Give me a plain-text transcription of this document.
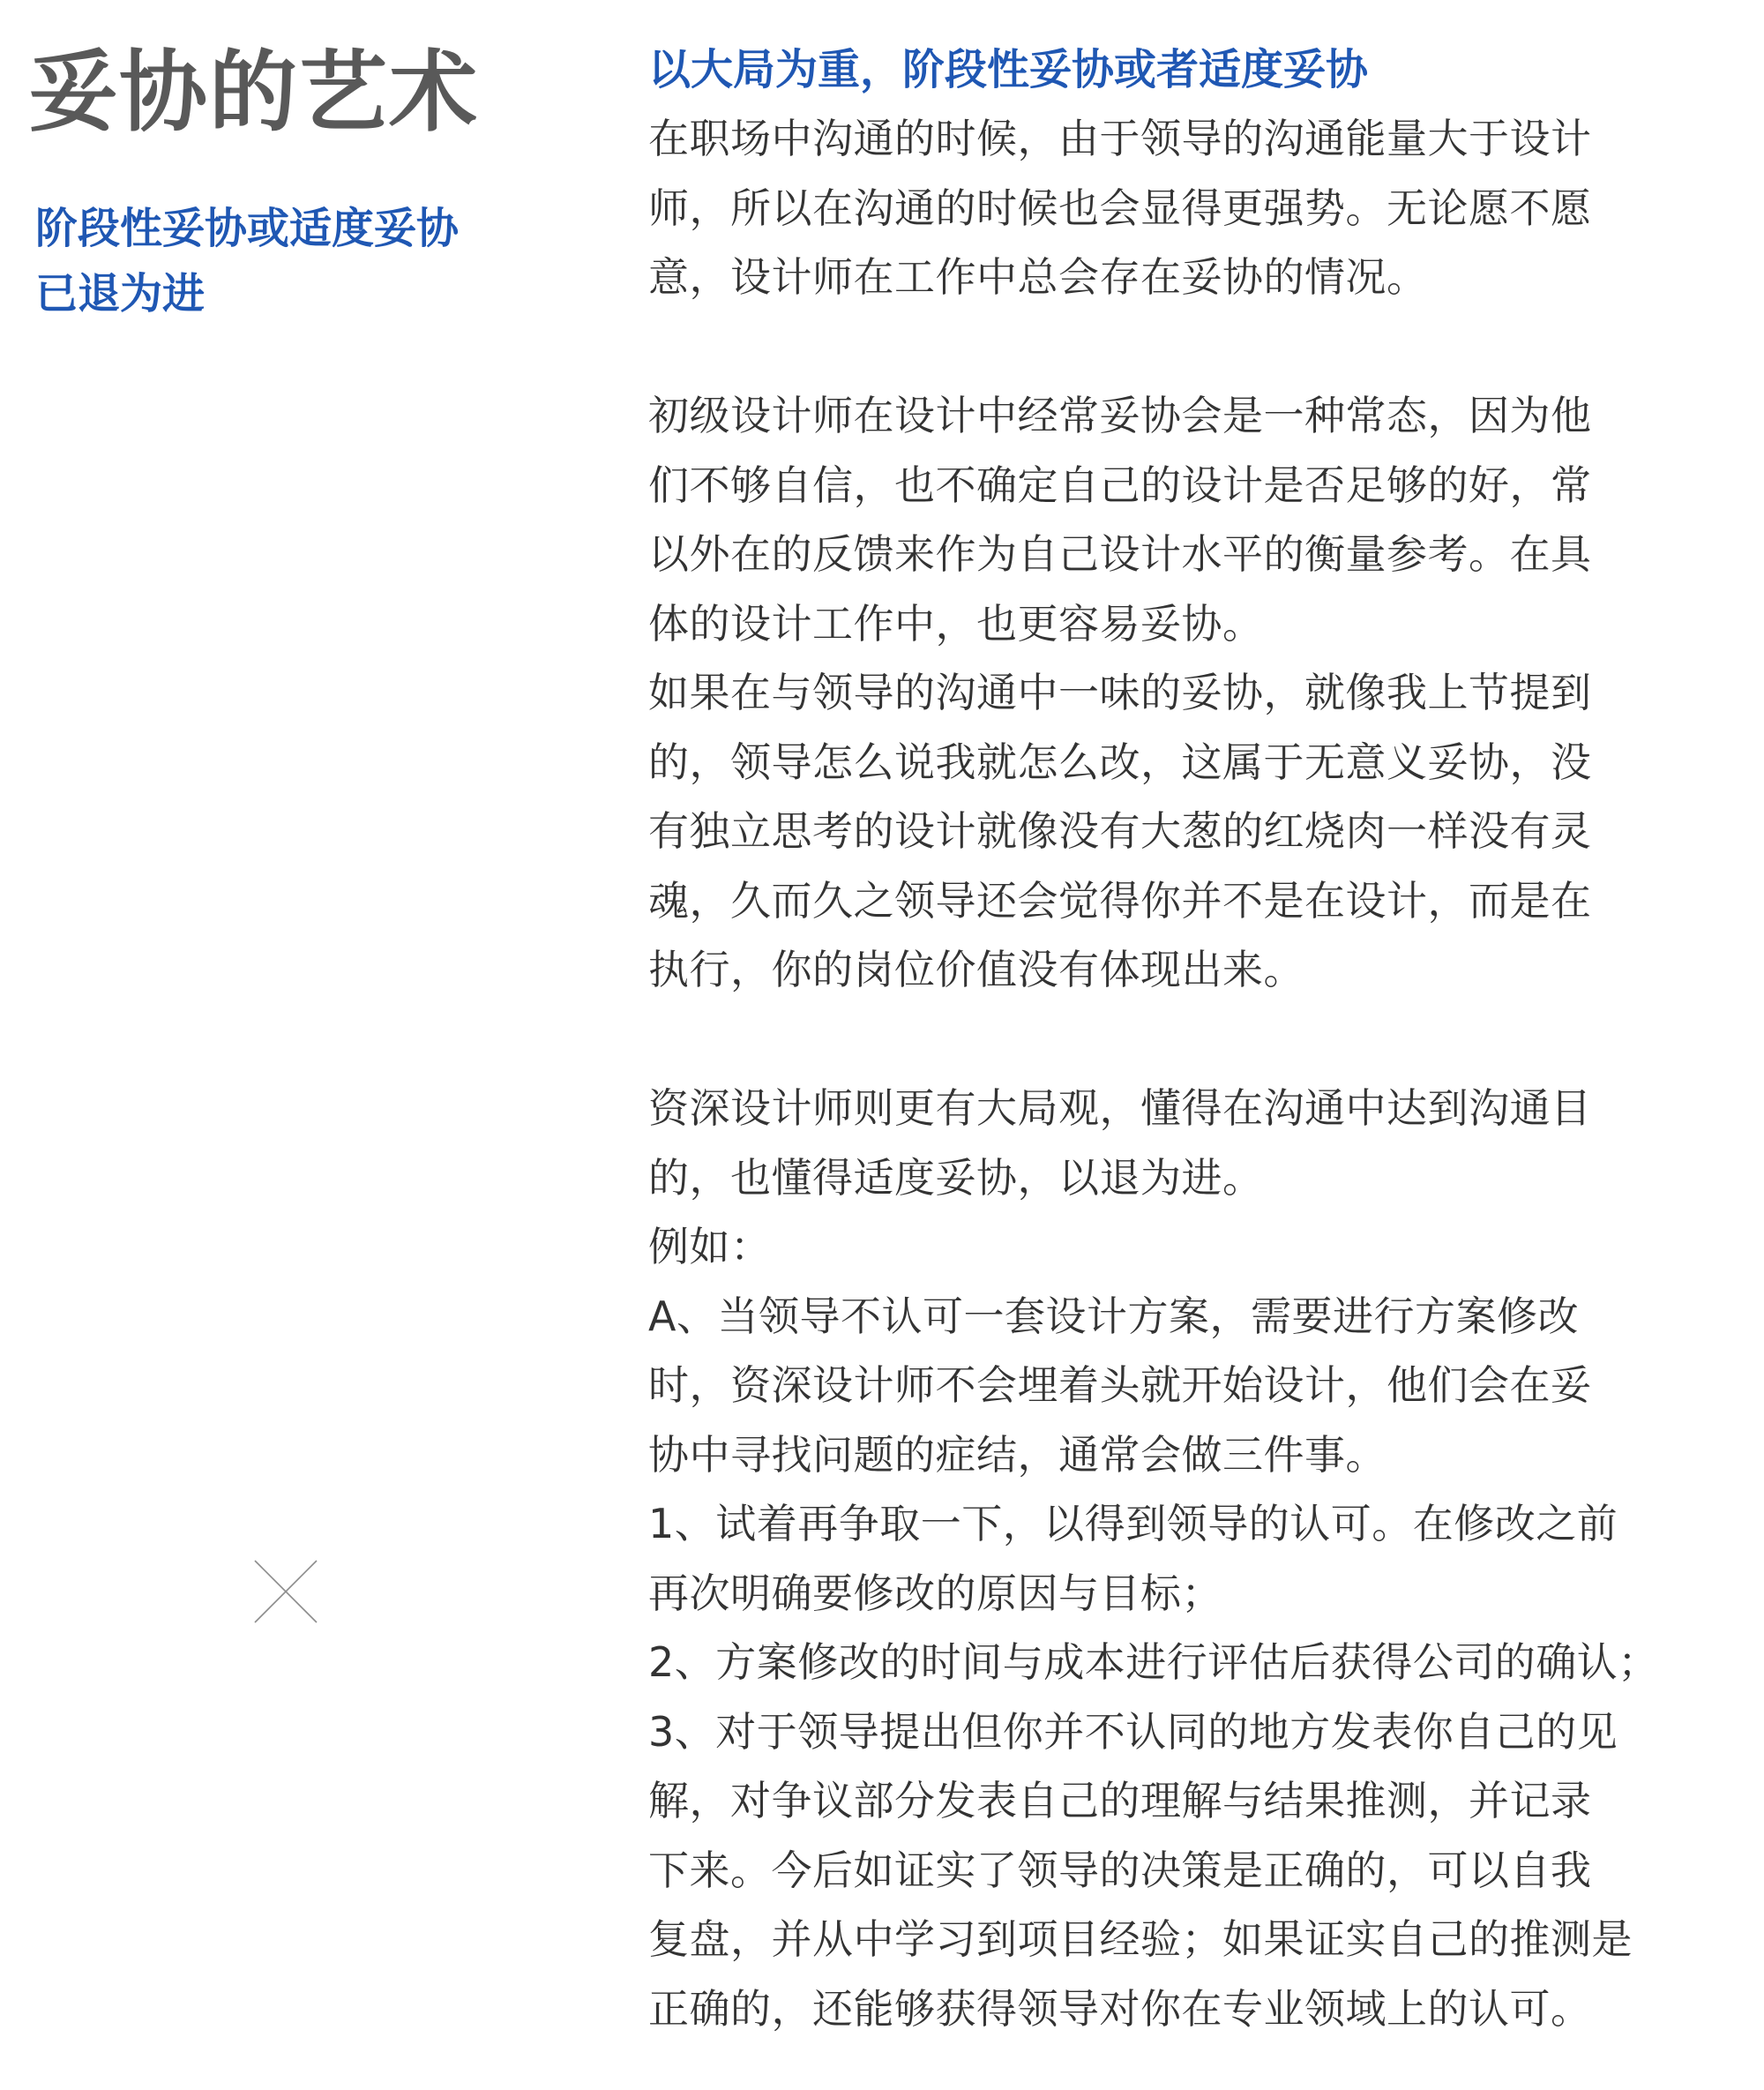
妥协的艺术
阶段性妥协或适度妥协
已退为进
以大局为重，阶段性妥协或者适度妥协
在职场中沟通的时候，由于领导的沟通能量大于设计
师，所以在沟通的时候也会显得更强势。无论愿不愿
意，设计师在工作中总会存在妥协的情况。
初级设计师在设计中经常妥协会是一种常态，因为他
们不够自信，也不确定自己的设计是否足够的好，常
以外在的反馈来作为自己设计水平的衡量参考。在具
体的设计工作中，也更容易妥协。
如果在与领导的沟通中一味的妥协，就像我上节提到
的，领导怎么说我就怎么改，这属于无意义妥协，没
有独立思考的设计就像没有大葱的红烧肉一样没有灵
魂，久而久之领导还会觉得你并不是在设计，而是在
执行，你的岗位价值没有体现出来。
资深设计师则更有大局观，懂得在沟通中达到沟通目
的，也懂得适度妥协，以退为进。
例如：
A、当领导不认可一套设计方案，需要进行方案修改
时，资深设计师不会埋着头就开始设计，他们会在妥
协中寻找问题的症结，通常会做三件事。
1、试着再争取一下，以得到领导的认可。在修改之前
再次明确要修改的原因与目标；
2、方案修改的时间与成本进行评估后获得公司的确认；
3、对于领导提出但你并不认同的地方发表你自己的见
解，对争议部分发表自己的理解与结果推测，并记录
下来。今后如证实了领导的决策是正确的，可以自我
复盘，并从中学习到项目经验；如果证实自己的推测是
正确的，还能够获得领导对你在专业领域上的认可。
